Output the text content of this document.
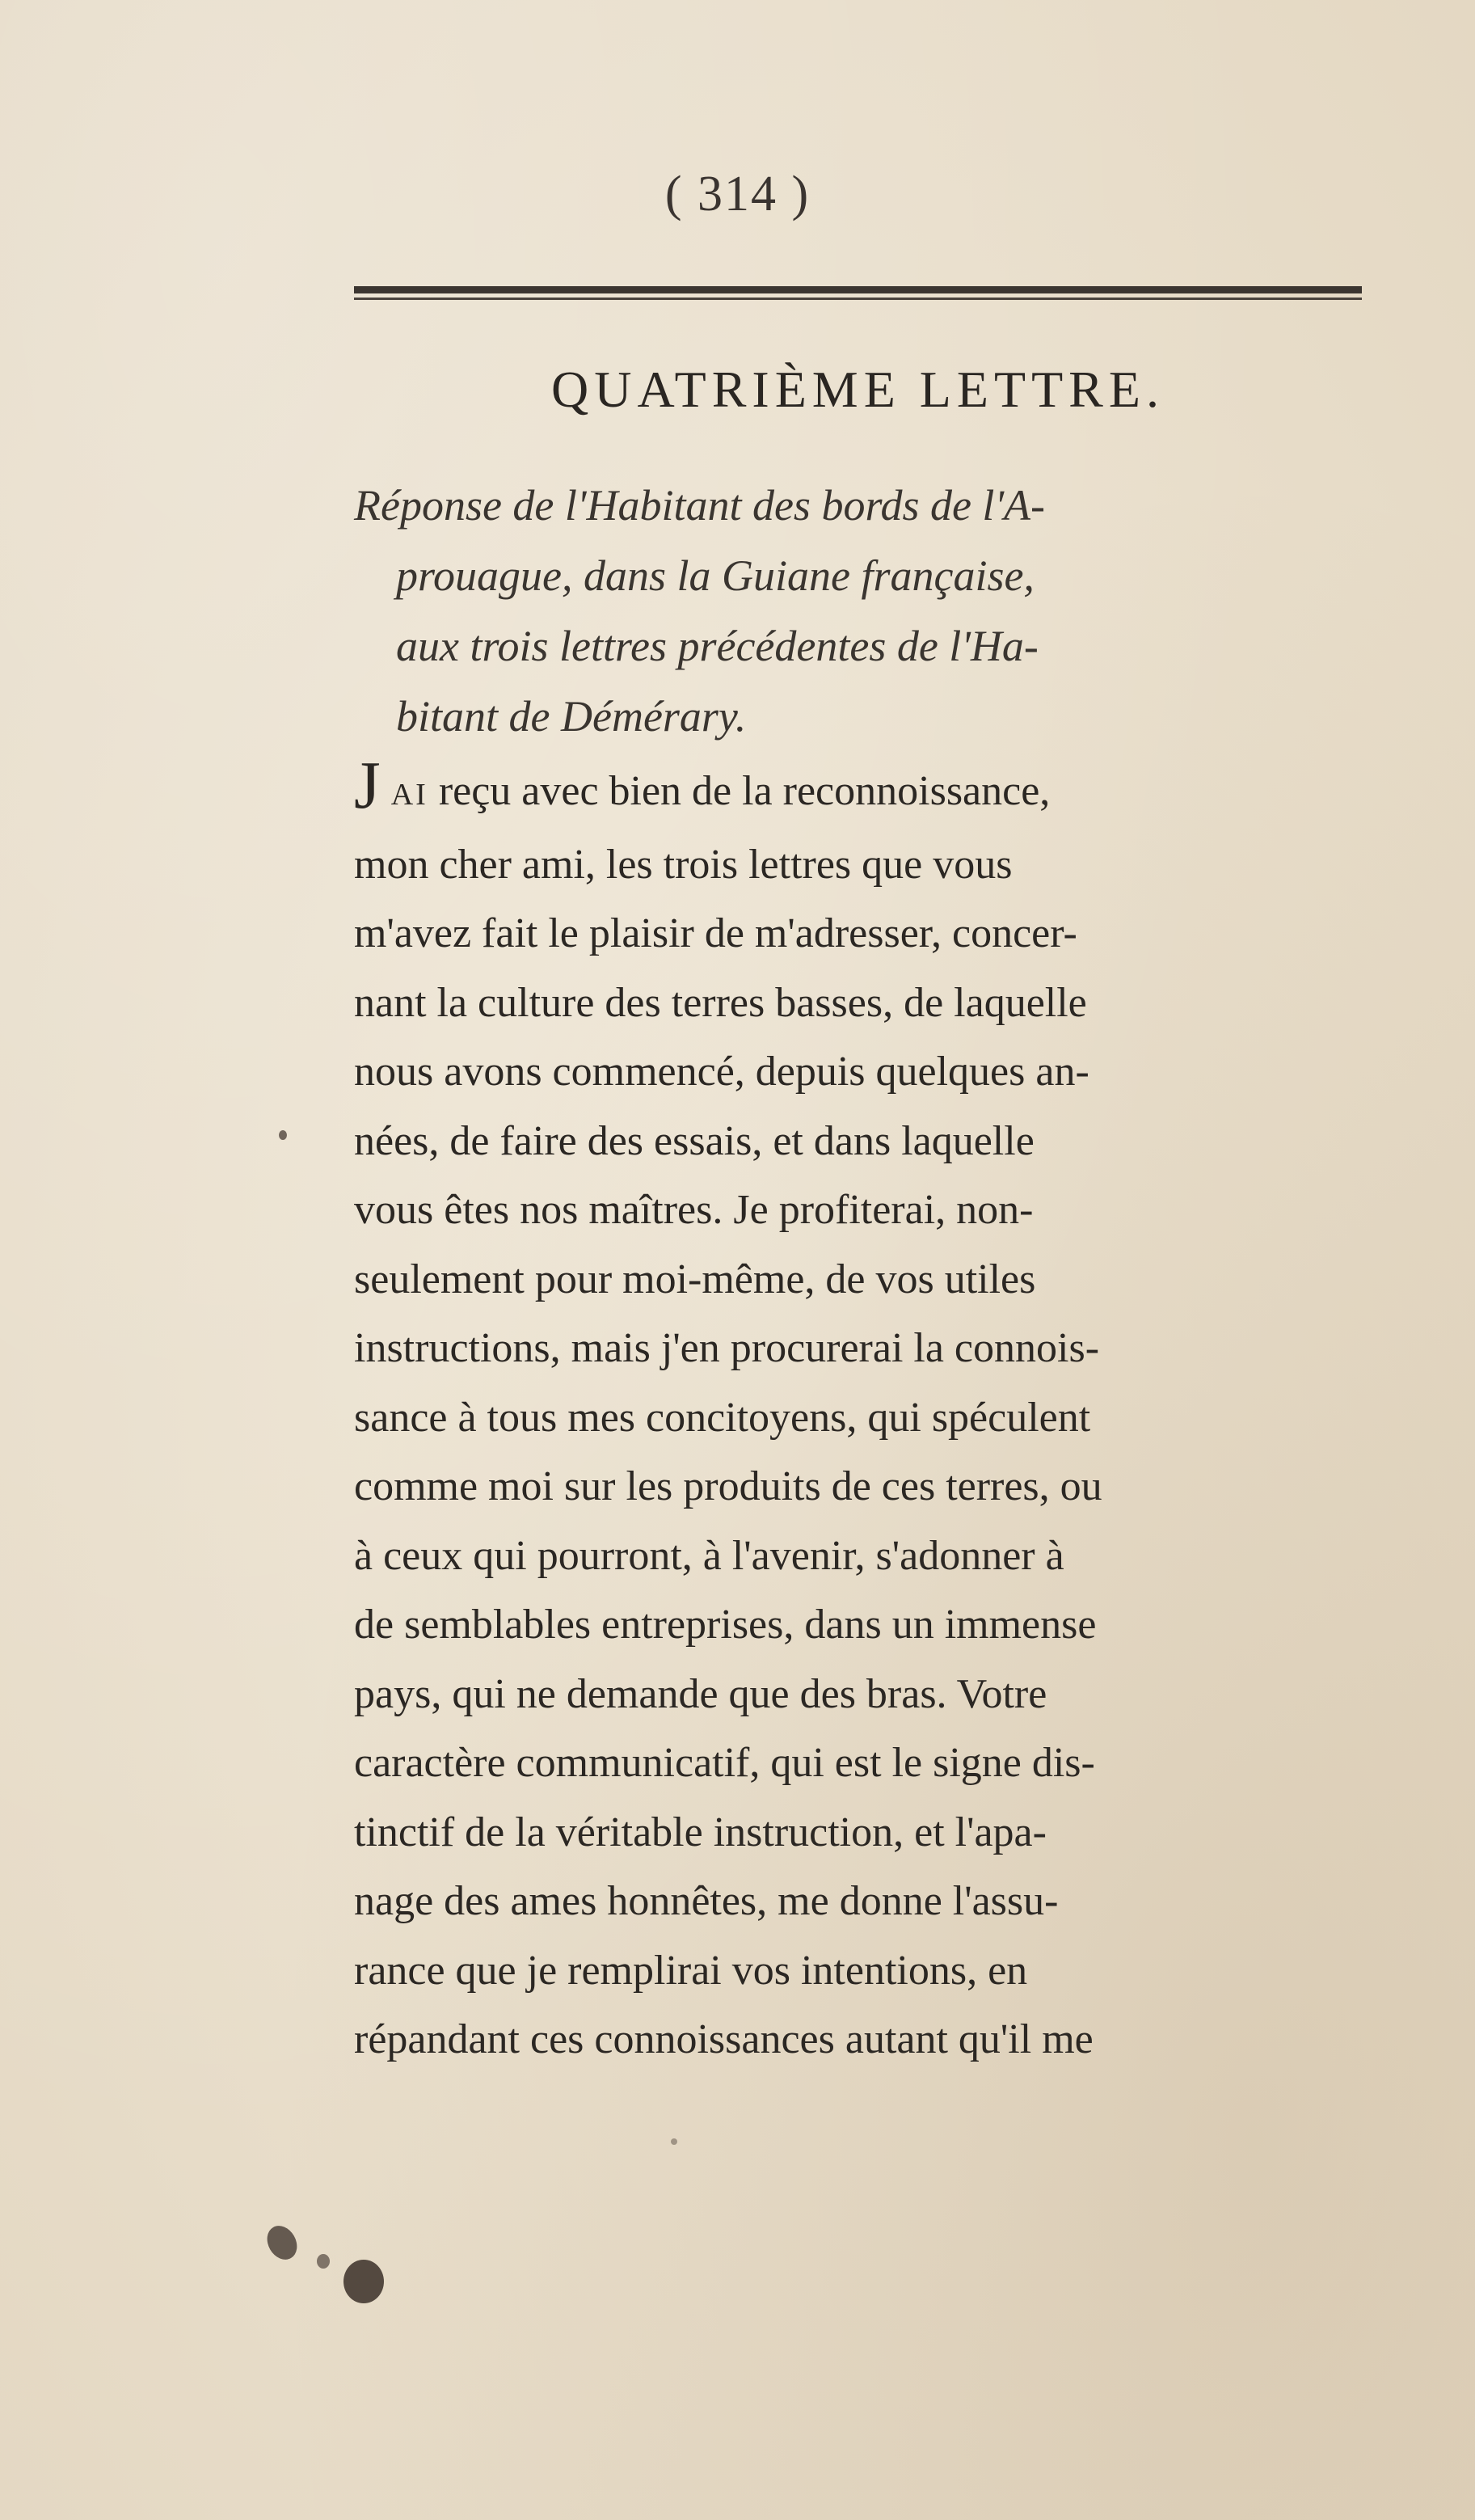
( 314 )
QUATRIÈME LETTRE.
Réponse de l'Habitant des bords de l'A-
prouague, dans la Guiane française,
aux trois lettres précédentes de l'Ha-
bitant de Démérary.
J AI reçu avec bien de la reconnoissance,
mon cher ami, les trois lettres que vous
m'avez fait le plaisir de m'adresser, concer-
nant la culture des terres basses, de laquelle
nous avons commencé, depuis quelques an-
nées, de faire des essais, et dans laquelle
vous êtes nos maîtres. Je profiterai, non-
seulement pour moi-même, de vos utiles
instructions, mais j'en procurerai la connois-
sance à tous mes concitoyens, qui spéculent
comme moi sur les produits de ces terres, ou
à ceux qui pourront, à l'avenir, s'adonner à
de semblables entreprises, dans un immense
pays, qui ne demande que des bras. Votre
caractère communicatif, qui est le signe dis-
tinctif de la véritable instruction, et l'apa-
nage des ames honnêtes, me donne l'assu-
rance que je remplirai vos intentions, en
répandant ces connoissances autant qu'il me
